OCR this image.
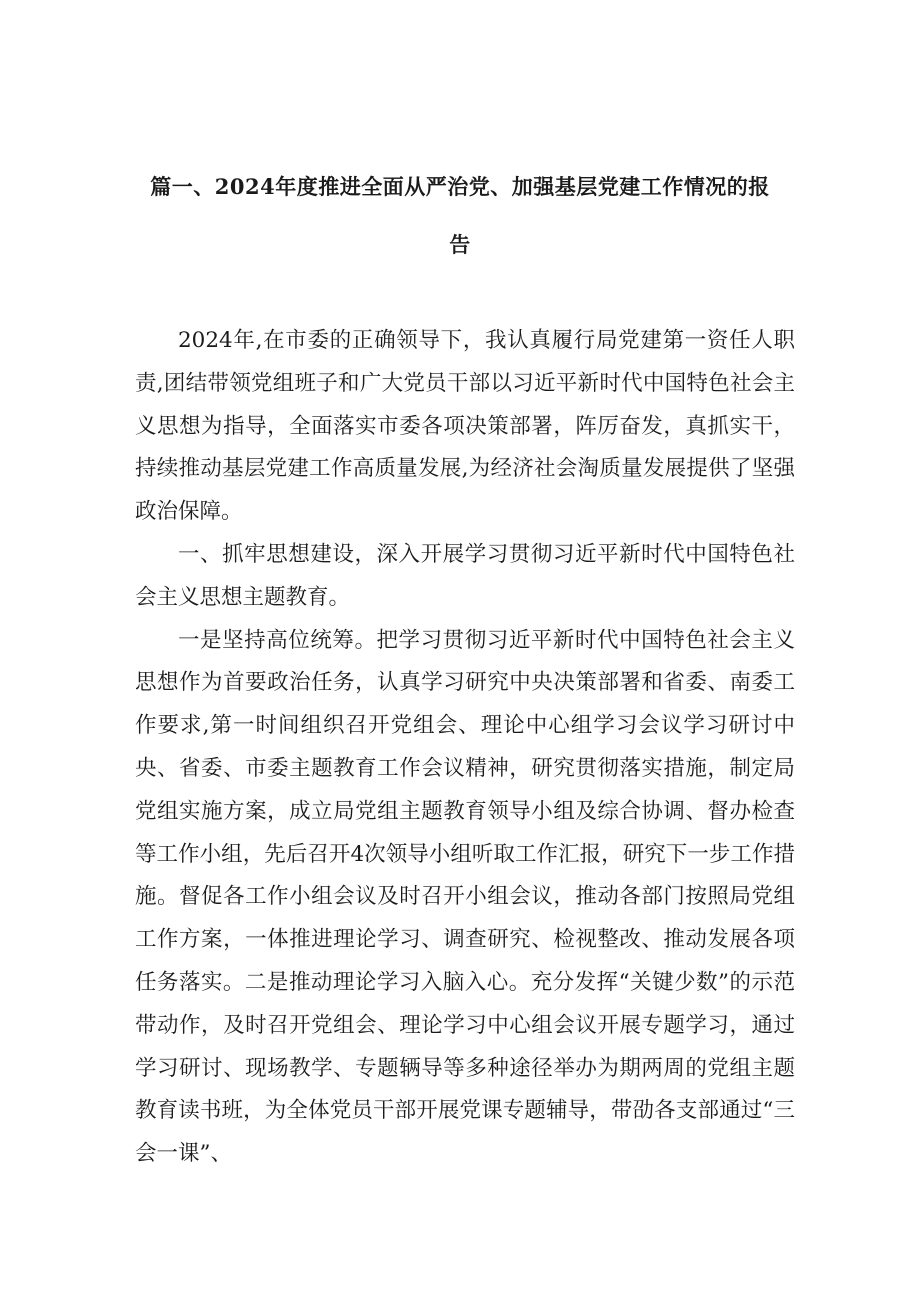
篇一、2024年度推进全面从严治党、加强基层党建工作情况的报
告

2024年,在市委的正确领导下，我认真履行局党建第一资任人职责,团结带领党组班子和广大党员干部以习近平新时代中国特色社会主义思想为指导，全面落实市委各项决策部署，阵厉奋发，真抓实干，持续推动基层党建工作高质量发展,为经济社会淘质量发展提供了坚强政治保障。

一、抓牢思想建设，深入开展学习贯彻习近平新时代中国特色社会主义思想主题教育。

一是坚持高位统筹。把学习贯彻习近平新时代中国特色社会主义思想作为首要政治任务，认真学习研究中央决策部署和省委、南委工作要求,第一时间组织召开党组会、理论中心组学习会议学习研讨中央、省委、市委主题教育工作会议精神，研究贯彻落实措施，制定局党组实施方案，成立局党组主题教育领导小组及综合协调、督办检查等工作小组，先后召开4次领导小组听取工作汇报，研究下一步工作措施。督促各工作小组会议及时召开小组会议，推动各部门按照局党组工作方案，一体推进理论学习、调查研究、检视整改、推动发展各项任务落实。二是推动理论学习入脑入心。充分发挥“关键少数”的示范带动作，及时召开党组会、理论学习中心组会议开展专题学习，通过学习研讨、现场教学、专题辆导等多种途径举办为期两周的党组主题教育读书班，为全体党员干部开展党课专题辅导，带劭各支部通过“三会一课”、
